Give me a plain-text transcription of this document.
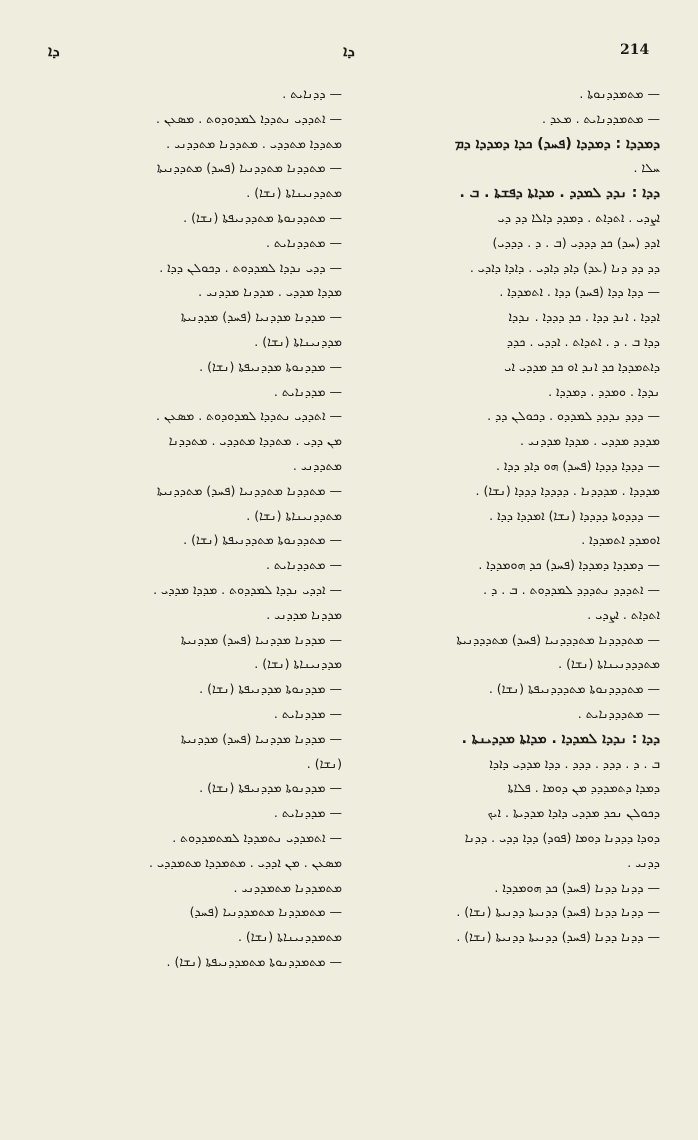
ܕܐ	ܕܐ	214
— ܕܕܢܐܝܬ .
— ܐܬܕܕܝ ܢܬܕܕܐ ܠܡܕܘܕܘܬ . ܡܣܥܢ .
ܡܬܕܕܐ ܡܬܕܕܝ . ܡܬܕܕܢܐ ܡܬܕܕܢܝ .
— ܡܬܕܕܢܐ ܡܬܕܕܢܝܐ (ܦܚܕ) ܡܬܕܕܢܝܬܐ
ܡܬܕܕܢܝܢܐܬܐ (ܢܫܐ) .
— ܡܬܕܕܢܘܬܐ ܡܬܕܕܢܝܦܬܐ (ܢܫܐ) .
— ܡܬܕܕܢܐܝܬ .
— ܕܕܝ ܢܕܕܐ ܠܡܕܕܘܬ . ܕܟܘܠܢ ܕܕܐ .
ܡܕܕܐ ܡܕܕܝ . ܡܕܕܢܐ ܡܕܕܢܝ .
— ܡܕܕܢܐ ܡܕܕܢܝܐ (ܦܚܕ) ܡܕܕܢܝܬܐ
ܡܕܕܢܝܢܐܬܐ (ܢܫܐ) .
— ܡܕܕܢܘܬܐ ܡܕܕܢܝܦܬܐ (ܢܫܐ) .
— ܡܕܕܢܐܝܬ .
— ܐܬܕܕܝ ܢܬܕܕܐ ܠܡܕܘܕܘܬ . ܡܣܥܢ .
ܡܢ ܕܕܝ . ܡܬܕܕܐ ܡܬܕܕܝ . ܡܬܕܕܢܐ
ܡܬܕܕܢܝ .
— ܡܬܕܕܢܐ ܡܬܕܕܢܝܐ (ܦܚܕ) ܡܬܕܕܢܝܬܐ
ܡܬܕܕܢܝܢܐܬܐ (ܢܫܐ) .
— ܡܬܕܕܢܘܬܐ ܡܬܕܕܢܝܦܬܐ (ܢܫܐ) .
— ܡܬܕܕܢܐܝܬ .
— ܐܕܕܝ ܢܕܕܐ ܠܡܕܕܘܬ . ܡܕܕܐ ܡܕܕܝ .
ܡܕܕܢܐ ܡܕܕܢܝ .
— ܡܕܕܢܐ ܡܕܕܢܝܐ (ܦܚܕ) ܡܕܕܢܝܬܐ
ܡܕܕܢܝܢܐܬܐ (ܢܫܐ) .
— ܡܕܕܢܘܬܐ ܡܕܕܢܝܦܬܐ (ܢܫܐ) .
— ܡܕܕܢܐܝܬ .
— ܡܕܕܢܐ ܡܕܕܢܝܐ (ܦܚܕ) ܡܕܕܢܝܬܐ
(ܢܫܐ) .
— ܡܕܕܢܘܬܐ ܡܕܕܢܝܦܬܐ (ܢܫܐ) .
— ܡܕܕܢܐܝܬ .
— ܐܬܡܕܕܝ ܢܬܡܕܕܐ ܠܡܬܡܕܕܘܬ .
ܡܣܥܢ . ܡܢ ܐܕܕܝ . ܡܬܡܕܕܐ ܡܬܡܕܕܝ .
ܡܬܡܕܕܢܐ ܡܬܡܕܕܢܝ .
— ܡܬܡܕܕܢܐ ܡܬܡܕܕܢܝܐ (ܦܚܕ)
ܡܬܡܕܕܢܝܢܐܬܐ (ܢܫܐ) .
— ܡܬܡܕܕܢܘܬܐ ܡܬܡܕܕܢܝܦܬܐ (ܢܫܐ) .
— ܡܬܡܕܕܢܘܬܐ .
— ܡܬܡܕܕܢܐܝܬ . ܡܥܕ .
ܕܡܕܕܐ : ܕܡܕܕܐ (ܦܚܕ) ܟܕܐ ܕܡܕܕܐ ܕܡ
ܚܠܐ .
ܕܕܐ : ܢܕܕ ܠܡܕܕ . ܡܕܐܬܐ ܕܦܫܬܐ . ܒ .
ܐܨܕܝ . ܐܬܕܐܬ . ܕܡܕܕ ܕܐܠܐ ܕܕ ܕܝ
ܐܕܕ (ܚܕ) ܟܕ ܕܕܕܝ (ܒ . ܕ . ܕܕܕܝ)
ܕܕ ܕܕ ܕܢܐ (ܥܕ) ܕܐܕ ܕܐܕܝ . ܕܐܕܐ ܕܐܕܝ .
— ܕܕܐ ܕܕܐ (ܦܚܕ) ܕܕܐ . ܐܬܡܕܕܐ .
ܐܕܕܐ . ܐܢܕ ܕܕܐ . ܟܕ ܕܕܕܐ . ܢܕܕܐ
ܕܕܐ ܒ . ܕ . ܐܬܕܐܬ . ܐܕܕܝ . ܟܕܕ
ܕܐܬܡܕܕܐ ܟܕ ܐܢܕ ܐܘ ܟܕ ܡܕܕܝ ܐܝ
ܢܕܕܐ . ܘܡܕܕ . ܕܡܕܕܐ .
— ܕܕܕ ܢܕܕܕ ܠܡܕܕܘ . ܕܟܘܠܢ ܕܕ .
ܡܕܕܕ ܡܕܕܝ . ܡܕܕܐ ܡܕܕܢܝ .
— ܕܕܕܐ ܕܕܕܐ (ܦܚܕ) ܗܘ ܕܐܕ ܕܕܐ .
ܡܕܕܕܐ . ܡܕܕܕܢܐ . ܕܕܕܕܐ ܕܕܕܐ (ܢܫܐ) .
— ܕܕܕܘܬܐ ܕܕܕܕܐ (ܢܫܐ) ܐܡܕܕܐ ܕܕܐ .
ܐܘܡܕܕ ܐܬܡܕܕܐ .
— ܕܡܕܕܐ ܕܡܕܕܐ (ܦܚܕ) ܟܕ ܗܘܡܕܕܐ .
— ܐܬܕܕܕ ܢܬܕܕܕ ܠܡܕܕܘܬ . ܒ . ܕ .
ܐܬܕܐܬ . ܐܨܕܝ .
— ܡܬܕܕܕܢܐ ܡܬܕܕܕܢܝܐ (ܦܚܕ) ܡܬܕܕܕܢܝܬܐ
ܡܬܕܕܕܢܝܢܐܬܐ (ܢܫܐ) .
— ܡܬܕܕܕܢܘܬܐ ܡܬܕܕܕܢܝܦܬܐ (ܢܫܐ) .
— ܡܬܕܕܕܢܐܝܬ .
ܕܕܐ : ܢܕܕܐ ܠܡܕܕܐ . ܡܕܐܬܐ ܡܕܕܝܢܬܐ .
ܒ . ܕ . ܕܕܕ . ܕܕܕ . ܕܕܐ ܡܕܕܝ ܕܐܕܐ
ܕܡܕܐ ܕܬܡܕܕܕ ܡܢ ܕܘܡܐ . ܦܠܐܬܐ
ܕܟܘܠܢ ܢܟܕ ܡܕܕܝ ܕܐܕܐ ܡܕܕܝܬܐ . ܐܝܟ
ܕܘܕܐ ܕܕܕܢܐ ܕܘܡܐ (ܦܘܕ) ܕܕܐ ܕܕܝ . ܕܕܢܐ
ܕܕܢܝ .
— ܕܕܢܐ ܕܕܢܐ (ܦܚܕ) ܟܕ ܗܘܡܕܕܐ .
— ܕܕܢܐ ܕܕܢܐ (ܦܚܕ) ܕܕܢܝܬܐ ܕܕܢܝܬܐ (ܢܫܐ) .
— ܕܕܢܐ ܕܕܢܐ (ܦܚܕ) ܕܕܢܝܬܐ ܕܕܢܝܬܐ (ܢܫܐ) .
